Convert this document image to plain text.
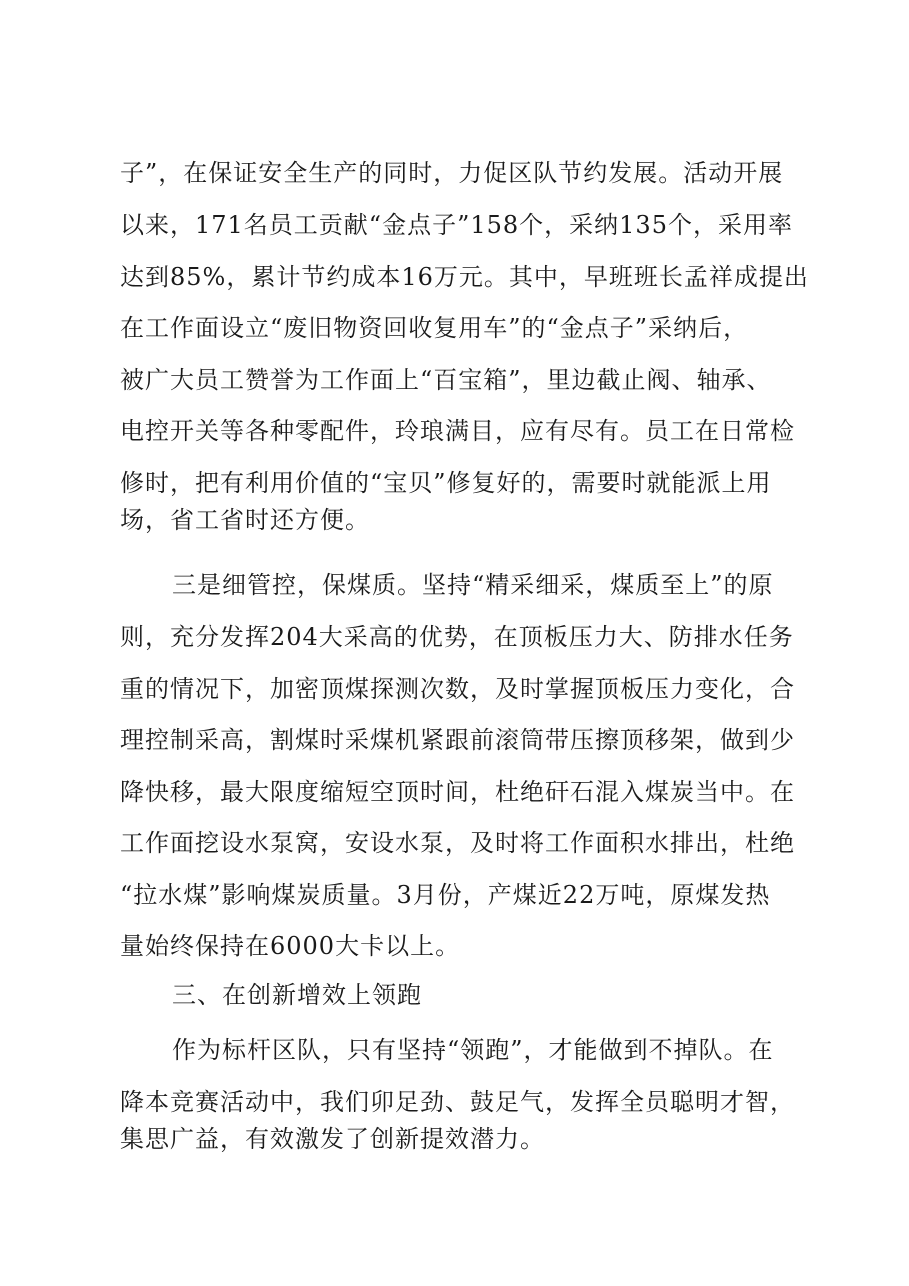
子”，在保证安全生产的同时，力促区队节约发展。活动开展
以来，171名员工贡献“金点子”158个，采纳135个，采用率
达到85%，累计节约成本16万元。其中，早班班长孟祥成提出
在工作面设立“废旧物资回收复用车”的“金点子”采纳后，
被广大员工赞誉为工作面上“百宝箱”，里边截止阀、轴承、
电控开关等各种零配件，玲琅满目，应有尽有。员工在日常检
修时，把有利用价值的“宝贝”修复好的，需要时就能派上用
场，省工省时还方便。
三是细管控，保煤质。坚持“精采细采，煤质至上”的原
则，充分发挥204大采高的优势，在顶板压力大、防排水任务
重的情况下，加密顶煤探测次数，及时掌握顶板压力变化，合
理控制采高，割煤时采煤机紧跟前滚筒带压擦顶移架，做到少
降快移，最大限度缩短空顶时间，杜绝矸石混入煤炭当中。在
工作面挖设水泵窝，安设水泵，及时将工作面积水排出，杜绝
“拉水煤”影响煤炭质量。3月份，产煤近22万吨，原煤发热
量始终保持在6000大卡以上。
三、在创新增效上领跑
作为标杆区队，只有坚持“领跑”，才能做到不掉队。在
降本竞赛活动中，我们卯足劲、鼓足气，发挥全员聪明才智，
集思广益，有效激发了创新提效潜力。
